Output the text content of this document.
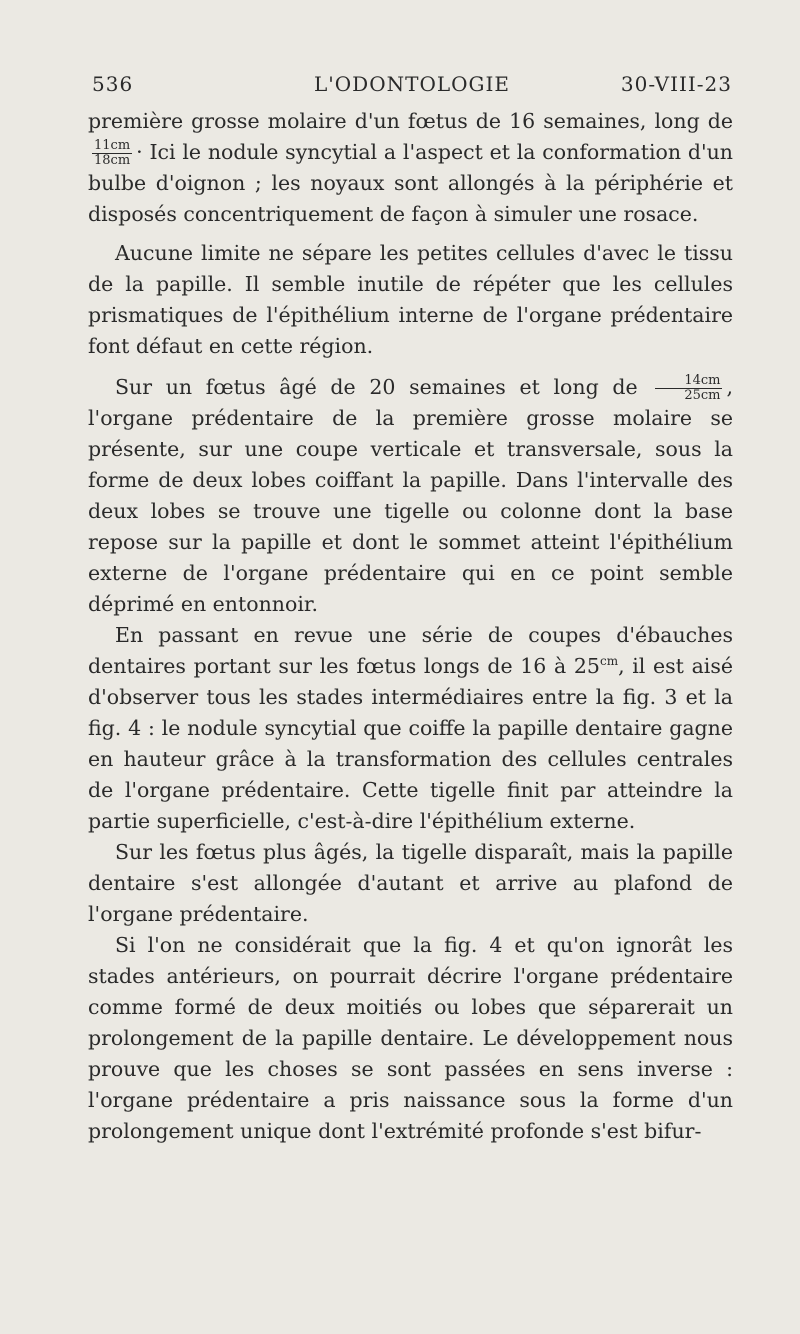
536	L'ODONTOLOGIE	30-VIII-23

première grosse molaire d'un fœtus de 16 semaines, long de
$\frac{11cm}{18cm}$ · Ici le nodule syncytial a l'aspect et la conformation d'un bulbe d'oignon ; les noyaux sont allongés à la périphérie et disposés concentriquement de façon à simuler une rosace.

Aucune limite ne sépare les petites cellules d'avec le tissu de la papille. Il semble inutile de répéter que les cellules prismatiques de l'épithélium interne de l'organe prédentaire font défaut en cette région.

Sur un fœtus âgé de 20 semaines et long de $\frac{14cm}{25cm}$ , l'organe prédentaire de la première grosse molaire se présente, sur une coupe verticale et transversale, sous la forme de deux lobes coiffant la papille. Dans l'intervalle des deux lobes se trouve une tigelle ou colonne dont la base repose sur la papille et dont le sommet atteint l'épithélium externe de l'organe prédentaire qui en ce point semble déprimé en entonnoir.

En passant en revue une série de coupes d'ébauches dentaires portant sur les fœtus longs de 16 à $25^{cm}$, il est aisé d'observer tous les stades intermédiaires entre la fig. 3 et la fig. 4 : le nodule syncytial que coiffe la papille dentaire gagne en hauteur grâce à la transformation des cellules centrales de l'organe prédentaire. Cette tigelle finit par atteindre la partie superficielle, c'est-à-dire l'épithélium externe.

Sur les fœtus plus âgés, la tigelle disparaît, mais la papille dentaire s'est allongée d'autant et arrive au plafond de l'organe prédentaire.

Si l'on ne considérait que la fig. 4 et qu'on ignorât les stades antérieurs, on pourrait décrire l'organe prédentaire comme formé de deux moitiés ou lobes que séparerait un prolongement de la papille dentaire. Le développement nous prouve que les choses se sont passées en sens inverse : l'organe prédentaire a pris naissance sous la forme d'un prolongement unique dont l'extrémité profonde s'est bifur-
